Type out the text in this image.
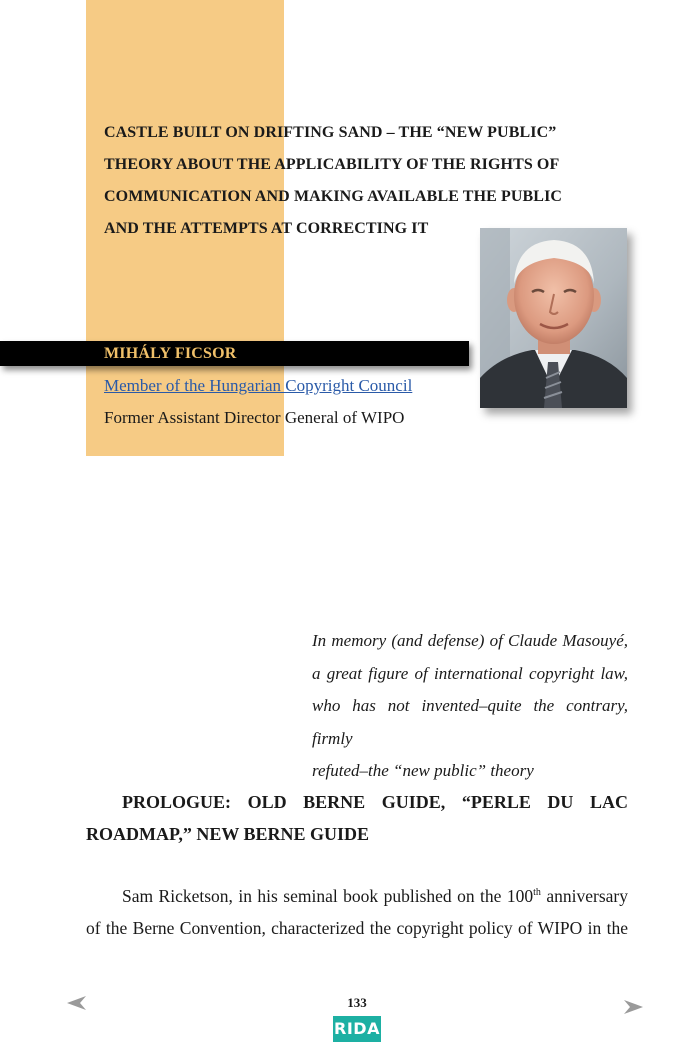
CASTLE BUILT ON DRIFTING SAND – THE “NEW PUBLIC”
THEORY ABOUT THE APPLICABILITY OF THE RIGHTS OF
COMMUNICATION AND MAKING AVAILABLE THE PUBLIC
AND THE ATTEMPTS AT CORRECTING IT
MIHÁLY FICSOR
Member of the Hungarian Copyright Council
Former Assistant Director General of WIPO

In memory (and defense) of Claude Masouyé,
a great figure of international copyright law,
who has not invented–quite the contrary, firmly
refuted–the “new public” theory

PROLOGUE: OLD BERNE GUIDE, “PERLE DU LAC
ROADMAP,” NEW BERNE GUIDE

Sam Ricketson, in his seminal book published on the 100th anniversary
of the Berne Convention, characterized the copyright policy of WIPO in the

133
RIDA
